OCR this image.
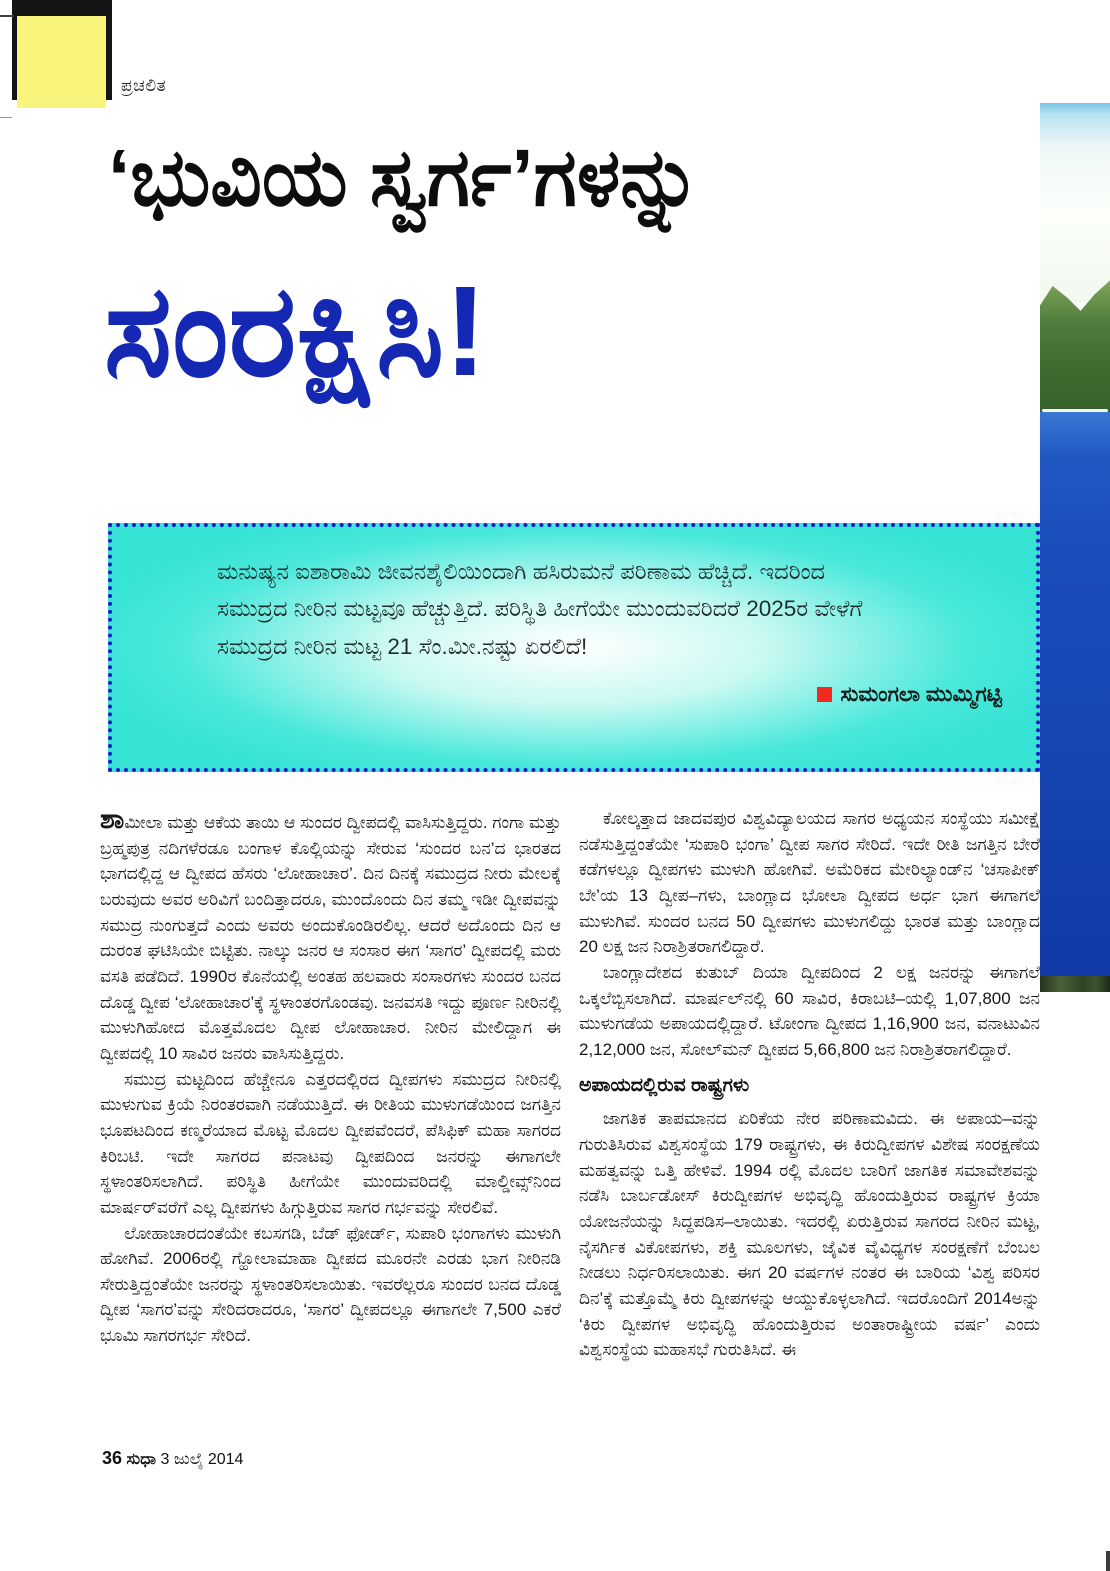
ಪ್ರಚಲಿತ
‘ಭುವಿಯ ಸ್ವರ್ಗ’ಗಳನ್ನು
ಸಂರಕ್ಷಿಸಿ!
ಮನುಷ್ಯನ ಐಶಾರಾಮಿ ಜೀವನಶೈಲಿಯಿಂದಾಗಿ ಹಸಿರುಮನೆ ಪರಿಣಾಮ ಹೆಚ್ಚಿದೆ. ಇದರಿಂದ
ಸಮುದ್ರದ ನೀರಿನ ಮಟ್ಟವೂ ಹೆಚ್ಚುತ್ತಿದೆ. ಪರಿಸ್ಥಿತಿ ಹೀಗೆಯೇ ಮುಂದುವರಿದರೆ 2025ರ ವೇಳೆಗೆ
ಸಮುದ್ರದ ನೀರಿನ ಮಟ್ಟ 21 ಸೆಂ.ಮೀ.ನಷ್ಟು ಏರಲಿದೆ!
ಸುಮಂಗಲಾ ಮುಮ್ಮಿಗಟ್ಟಿ

ಶಾಮೀಲಾ ಮತ್ತು ಆಕೆಯ ತಾಯಿ ಆ ಸುಂದರ ದ್ವೀಪದಲ್ಲಿ ವಾಸಿಸುತ್ತಿದ್ದರು. ಗಂಗಾ ಮತ್ತು ಬ್ರಹ್ಮಪುತ್ರ ನದಿಗಳೆರಡೂ ಬಂಗಾಳ ಕೊಲ್ಲಿಯನ್ನು ಸೇರುವ ‘ಸುಂದರ ಬನ’ದ ಭಾರತದ ಭಾಗದಲ್ಲಿದ್ದ ಆ ದ್ವೀಪದ ಹೆಸರು ‘ಲೋಹಾಚಾರ’. ದಿನ ದಿನಕ್ಕೆ ಸಮುದ್ರದ ನೀರು ಮೇಲಕ್ಕೆ ಬರುವುದು ಅವರ ಅರಿವಿಗೆ ಬಂದಿತ್ತಾದರೂ, ಮುಂದೊಂದು ದಿನ ತಮ್ಮ ಇಡೀ ದ್ವೀಪವನ್ನು ಸಮುದ್ರ ನುಂಗುತ್ತದೆ ಎಂದು ಅವರು ಅಂದುಕೊಂಡಿರಲಿಲ್ಲ. ಆದರೆ ಅದೊಂದು ದಿನ ಆ ದುರಂತ ಘಟಿಸಿಯೇ ಬಿಟ್ಟಿತು. ನಾಲ್ಕು ಜನರ ಆ ಸಂಸಾರ ಈಗ ‘ಸಾಗರ’ ದ್ವೀಪದಲ್ಲಿ ಮರು ವಸತಿ ಪಡೆದಿದೆ. 1990ರ ಕೊನೆಯಲ್ಲಿ ಅಂತಹ ಹಲವಾರು ಸಂಸಾರಗಳು ಸುಂದರ ಬನದ ದೊಡ್ಡ ದ್ವೀಪ ‘ಲೋಹಾಚಾರ’ಕ್ಕೆ ಸ್ಥಳಾಂತರಗೊಂಡವು. ಜನವಸತಿ ಇದ್ದು ಪೂರ್ಣ ನೀರಿನಲ್ಲಿ ಮುಳುಗಿಹೋದ ಮೊತ್ತಮೊದಲ ದ್ವೀಪ ಲೋಹಾಚಾರ. ನೀರಿನ ಮೇಲಿದ್ದಾಗ ಈ ದ್ವೀಪದಲ್ಲಿ 10 ಸಾವಿರ ಜನರು ವಾಸಿಸುತ್ತಿದ್ದರು.

ಸಮುದ್ರ ಮಟ್ಟದಿಂದ ಹೆಚ್ಚೇನೂ ಎತ್ತರದಲ್ಲಿರದ ದ್ವೀಪಗಳು ಸಮುದ್ರದ ನೀರಿನಲ್ಲಿ ಮುಳುಗುವ ಕ್ರಿಯೆ ನಿರಂತರವಾಗಿ ನಡೆಯುತ್ತಿದೆ. ಈ ರೀತಿಯ ಮುಳುಗಡೆಯಿಂದ ಜಗತ್ತಿನ ಭೂಪಟದಿಂದ ಕಣ್ಮರೆಯಾದ ಮೊಟ್ಟ ಮೊದಲ ದ್ವೀಪವೆಂದರೆ, ಪೆಸಿಫಿಕ್ ಮಹಾ ಸಾಗರದ ಕಿರಿಬಟಿ. ಇದೇ ಸಾಗರದ ಪನಾಟವು ದ್ವೀಪದಿಂದ ಜನರನ್ನು ಈಗಾಗಲೇ ಸ್ಥಳಾಂತರಿಸಲಾಗಿದೆ. ಪರಿಸ್ಥಿತಿ ಹೀಗೆಯೇ ಮುಂದುವರಿದಲ್ಲಿ ಮಾಲ್ಡೀವ್ಸ್‌ನಿಂದ ಮಾರ್ಷರ್‌ವರೆಗೆ ಎಲ್ಲ ದ್ವೀಪಗಳು ಹಿಗ್ಗುತ್ತಿರುವ ಸಾಗರ ಗರ್ಭವನ್ನು ಸೇರಲಿವೆ.

ಲೋಹಾಚಾರದಂತೆಯೇ ಕಬಸಗಡಿ, ಬೆಡ್ ಫೋರ್ಡ್, ಸುಪಾರಿ ಭಂಗಾಗಳು ಮುಳುಗಿ ಹೋಗಿವೆ. 2006ರಲ್ಲಿ ಗ್ಹೋಲಾಮಾಹಾ ದ್ವೀಪದ ಮೂರನೇ ಎರಡು ಭಾಗ ನೀರಿನಡಿ ಸೇರುತ್ತಿದ್ದಂತೆಯೇ ಜನರನ್ನು ಸ್ಥಳಾಂತರಿಸಲಾಯಿತು. ಇವರೆಲ್ಲರೂ ಸುಂದರ ಬನದ ದೊಡ್ಡ ದ್ವೀಪ ‘ಸಾಗರ’ವನ್ನು ಸೇರಿದರಾದರೂ, ‘ಸಾಗರ’ ದ್ವೀಪದಲ್ಲೂ ಈಗಾಗಲೇ 7,500 ಎಕರೆ ಭೂಮಿ ಸಾಗರಗರ್ಭ ಸೇರಿದೆ.

ಕೋಲ್ಕತ್ತಾದ ಜಾದವಪುರ ವಿಶ್ವವಿದ್ಯಾಲಯದ ಸಾಗರ ಅಧ್ಯಯನ ಸಂಸ್ಥೆಯು ಸಮೀಕ್ಷೆ ನಡೆಸುತ್ತಿದ್ದಂತೆಯೇ ‘ಸುಪಾರಿ ಭಂಗಾ’ ದ್ವೀಪ ಸಾಗರ ಸೇರಿದೆ. ಇದೇ ರೀತಿ ಜಗತ್ತಿನ ಬೇರೆ ಕಡೆಗಳಲ್ಲೂ ದ್ವೀಪಗಳು ಮುಳುಗಿ ಹೋಗಿವೆ. ಅಮೆರಿಕದ ಮೇರಿಲ್ಯಾಂಡ್‌ನ ‘ಚಸಾಪೀಕ್ ಬೇ’ಯ 13 ದ್ವೀಪ–ಗಳು, ಬಾಂಗ್ಲಾದ ಭೋಲಾ ದ್ವೀಪದ ಅರ್ಧ ಭಾಗ ಈಗಾಗಲೆ ಮುಳುಗಿವೆ. ಸುಂದರ ಬನದ 50 ದ್ವೀಪಗಳು ಮುಳುಗಲಿದ್ದು ಭಾರತ ಮತ್ತು ಬಾಂಗ್ಲಾದ 20 ಲಕ್ಷ ಜನ ನಿರಾಶ್ರಿತರಾಗಲಿದ್ದಾರೆ.

ಬಾಂಗ್ಲಾದೇಶದ ಕುತುಬ್ ದಿಯಾ ದ್ವೀಪದಿಂದ 2 ಲಕ್ಷ ಜನರನ್ನು ಈಗಾಗಲೆ ಒಕ್ಕಲೆಬ್ಬಿಸಲಾಗಿದೆ. ಮಾರ್ಷಲ್‌ನಲ್ಲಿ 60 ಸಾವಿರ, ಕಿರಾಬಟಿ–ಯಲ್ಲಿ 1,07,800 ಜನ ಮುಳುಗಡೆಯ ಅಪಾಯದಲ್ಲಿದ್ದಾರೆ. ಟೋಂಗಾ ದ್ವೀಪದ 1,16,900 ಜನ, ವನಾಟುವಿನ 2,12,000 ಜನ, ಸೋಲ್‌ಮನ್ ದ್ವೀಪದ 5,66,800 ಜನ ನಿರಾಶ್ರಿತರಾಗಲಿದ್ದಾರೆ.

ಅಪಾಯದಲ್ಲಿರುವ ರಾಷ್ಟ್ರಗಳು

ಜಾಗತಿಕ ತಾಪಮಾನದ ಏರಿಕೆಯ ನೇರ ಪರಿಣಾಮವಿದು. ಈ ಅಪಾಯ–ವನ್ನು ಗುರುತಿಸಿರುವ ವಿಶ್ವಸಂಸ್ಥೆಯ 179 ರಾಷ್ಟ್ರಗಳು, ಈ ಕಿರುದ್ವೀಪಗಳ ವಿಶೇಷ ಸಂರಕ್ಷಣೆಯ ಮಹತ್ವವನ್ನು ಒತ್ತಿ ಹೇಳಿವೆ. 1994 ರಲ್ಲಿ ಮೊದಲ ಬಾರಿಗೆ ಜಾಗತಿಕ ಸಮಾವೇಶವನ್ನು ನಡೆಸಿ ಬಾರ್ಬಡೋಸ್ ಕಿರುದ್ವೀಪಗಳ ಅಭಿವೃದ್ಧಿ ಹೊಂದುತ್ತಿರುವ ರಾಷ್ಟ್ರಗಳ ಕ್ರಿಯಾ ಯೋಜನೆಯನ್ನು ಸಿದ್ಧಪಡಿಸ–ಲಾಯಿತು. ಇದರಲ್ಲಿ ಏರುತ್ತಿರುವ ಸಾಗರದ ನೀರಿನ ಮಟ್ಟ, ನೈಸರ್ಗಿಕ ವಿಕೋಪಗಳು, ಶಕ್ತಿ ಮೂಲಗಳು, ಜೈವಿಕ ವೈವಿಧ್ಯಗಳ ಸಂರಕ್ಷಣೆಗೆ ಬೆಂಬಲ ನೀಡಲು ನಿರ್ಧರಿಸಲಾಯಿತು. ಈಗ 20 ವರ್ಷಗಳ ನಂತರ ಈ ಬಾರಿಯ ‘ವಿಶ್ವ ಪರಿಸರ ದಿನ’ಕ್ಕೆ ಮತ್ತೊಮ್ಮೆ ಕಿರು ದ್ವೀಪಗಳನ್ನು ಆಯ್ದುಕೊಳ್ಳಲಾಗಿದೆ. ಇದರೊಂದಿಗೆ 2014ಅನ್ನು ‘ಕಿರು ದ್ವೀಪಗಳ ಅಭಿವೃದ್ಧಿ ಹೊಂದುತ್ತಿರುವ ಅಂತಾರಾಷ್ಟ್ರೀಯ ವರ್ಷ’ ಎಂದು ವಿಶ್ವಸಂಸ್ಥೆಯ ಮಹಾಸಭೆ ಗುರುತಿಸಿದೆ. ಈ

36 ಸುಧಾ 3 ಜುಲೈ 2014
